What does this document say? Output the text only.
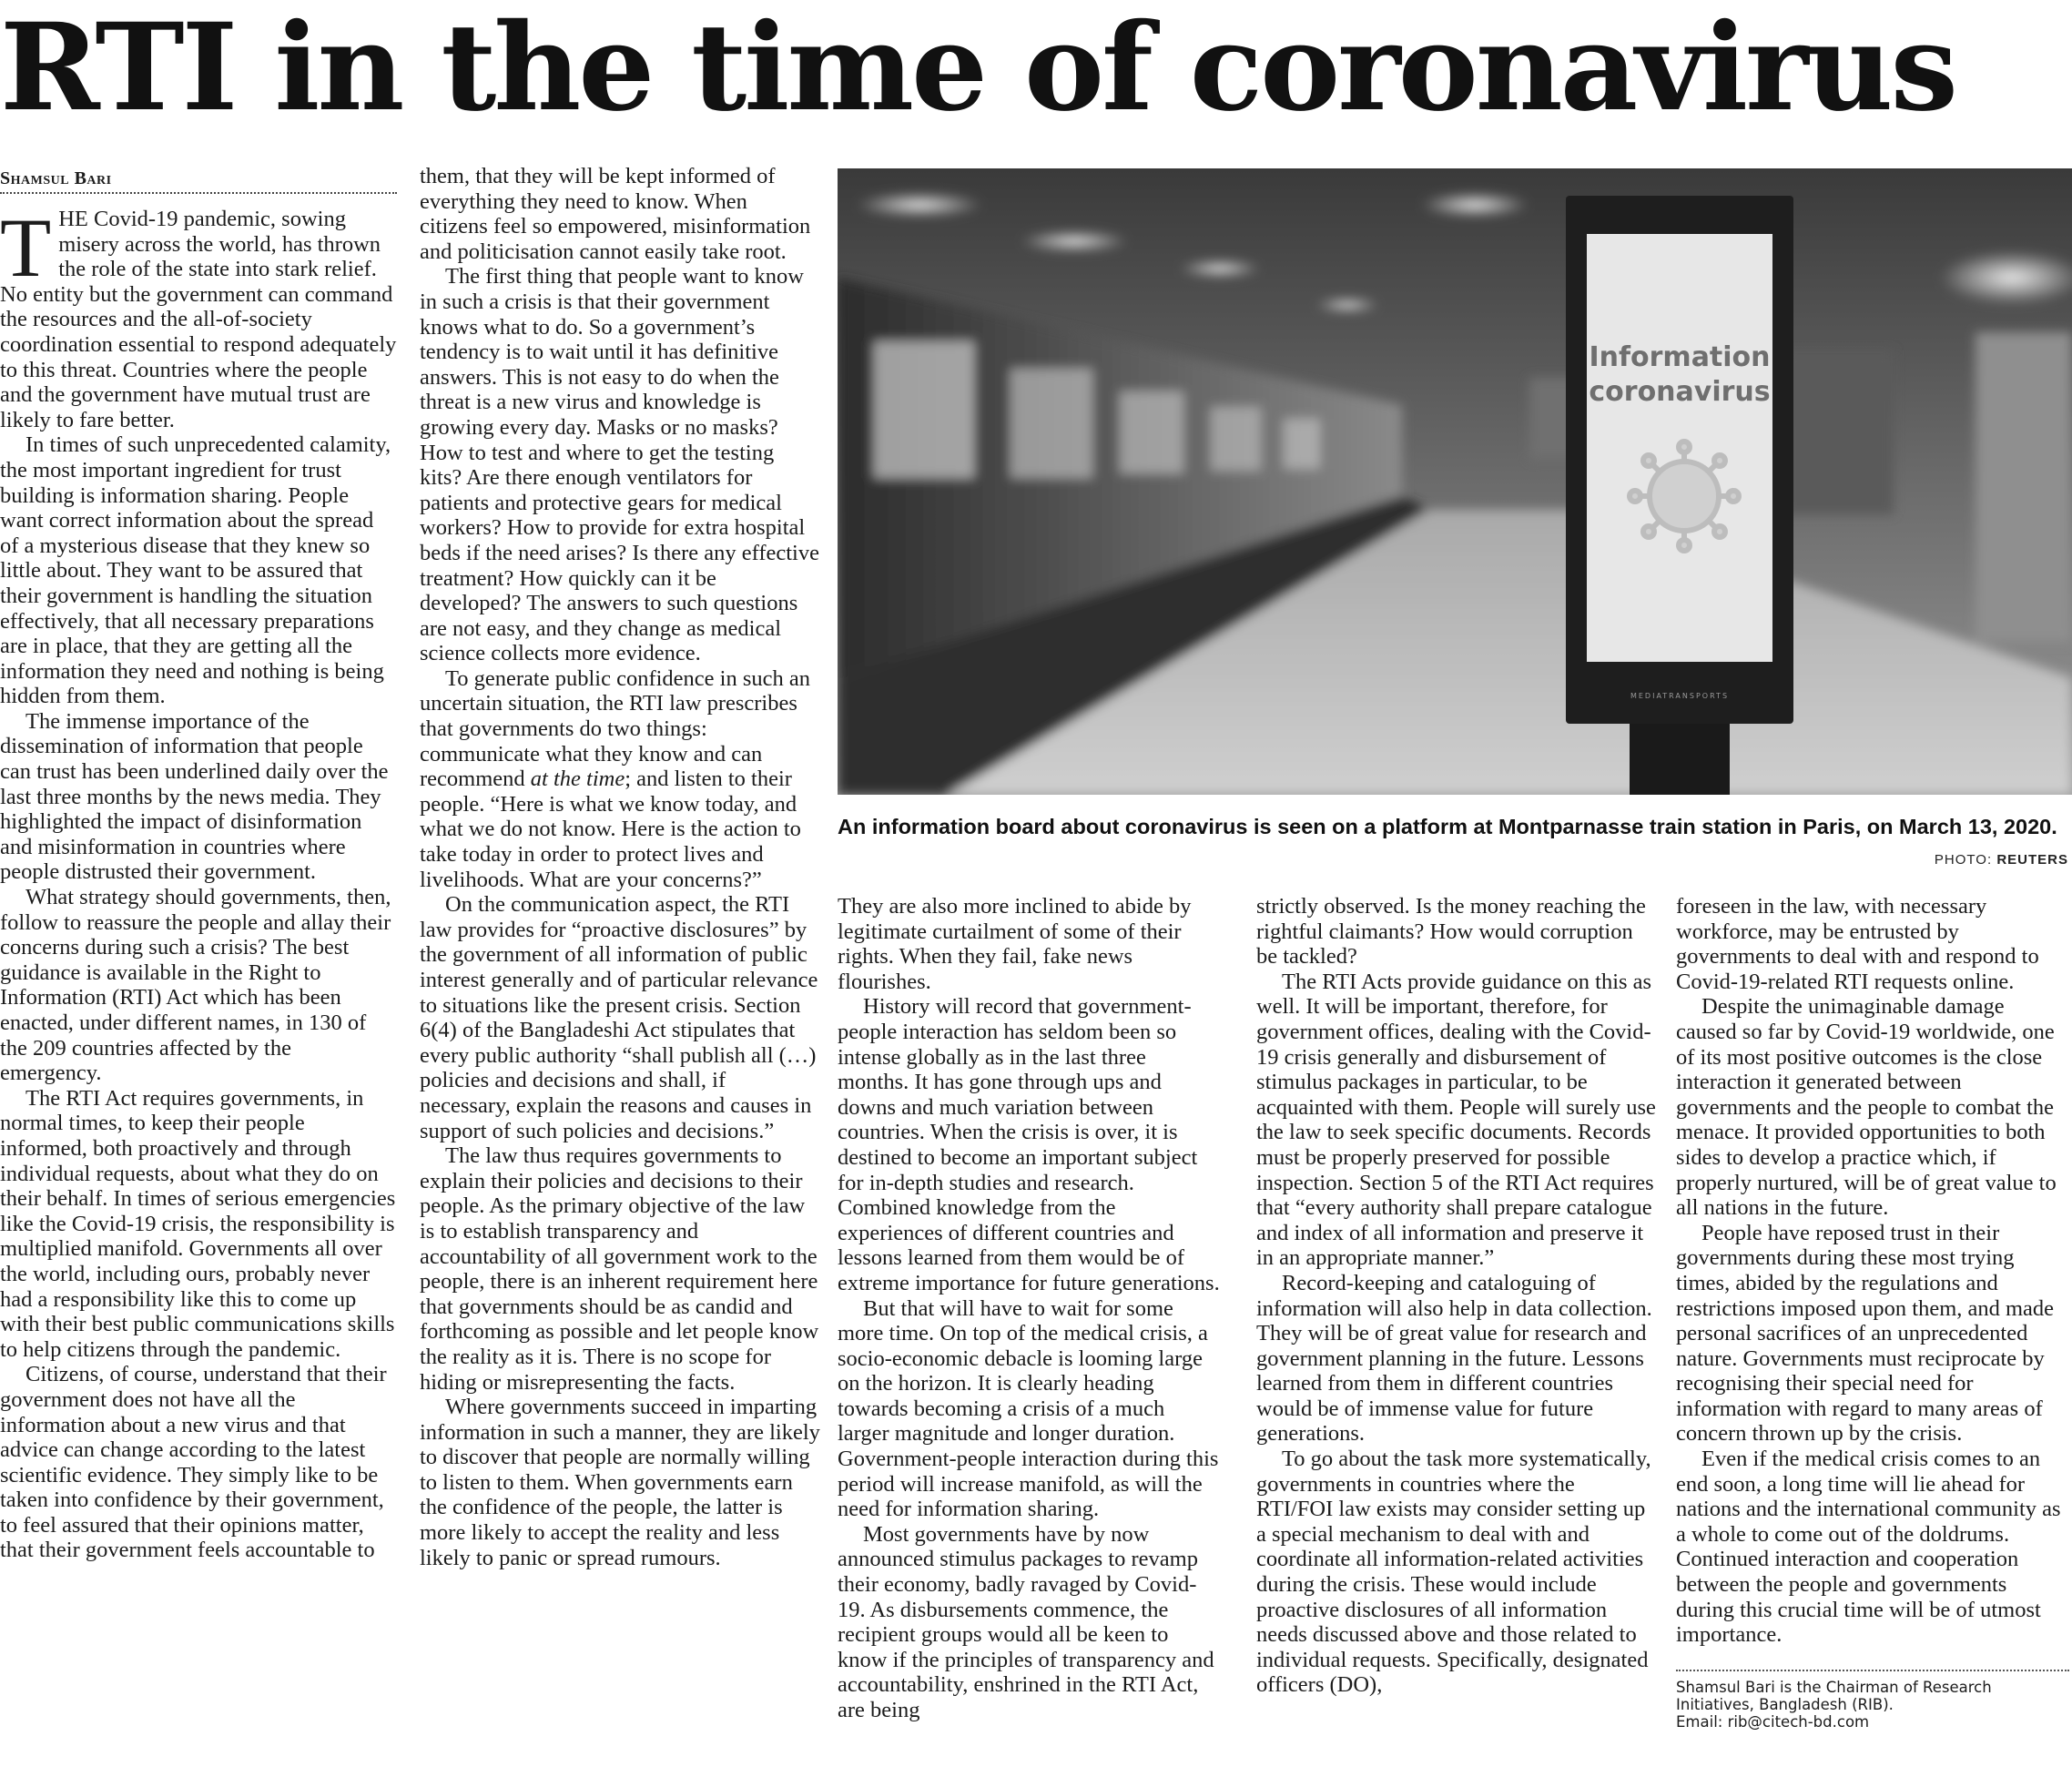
RTI in the time of coronavirus
Shamsul Bari

THE Covid-19 pandemic, sowing misery across the world, has thrown the role of the state into stark relief. No entity but the government can command the resources and the all-of-society coordination essential to respond adequately to this threat. Countries where the people and the government have mutual trust are likely to fare better.

In times of such unprecedented calamity, the most important ingredient for trust building is information sharing. People want correct information about the spread of a mysterious disease that they knew so little about. They want to be assured that their government is handling the situation effectively, that all necessary preparations are in place, that they are getting all the information they need and nothing is being hidden from them.

The immense importance of the dissemination of information that people can trust has been underlined daily over the last three months by the news media. They highlighted the impact of disinformation and misinformation in countries where people distrusted their government.

What strategy should governments, then, follow to reassure the people and allay their concerns during such a crisis? The best guidance is available in the Right to Information (RTI) Act which has been enacted, under different names, in 130 of the 209 countries affected by the emergency.

The RTI Act requires governments, in normal times, to keep their people informed, both proactively and through individual requests, about what they do on their behalf. In times of serious emergencies like the Covid-19 crisis, the responsibility is multiplied manifold. Governments all over the world, including ours, probably never had a responsibility like this to come up with their best public communications skills to help citizens through the pandemic.

Citizens, of course, understand that their government does not have all the information about a new virus and that advice can change according to the latest scientific evidence. They simply like to be taken into confidence by their government, to feel assured that their opinions matter, that their government feels accountable to

them, that they will be kept informed of everything they need to know. When citizens feel so empowered, misinformation and politicisation cannot easily take root.

The first thing that people want to know in such a crisis is that their government knows what to do. So a government’s tendency is to wait until it has definitive answers. This is not easy to do when the threat is a new virus and knowledge is growing every day. Masks or no masks? How to test and where to get the testing kits? Are there enough ventilators for patients and protective gears for medical workers? How to provide for extra hospital beds if the need arises? Is there any effective treatment? How quickly can it be developed? The answers to such questions are not easy, and they change as medical science collects more evidence.

To generate public confidence in such an uncertain situation, the RTI law prescribes that governments do two things: communicate what they know and can recommend at the time; and listen to their people. “Here is what we know today, and what we do not know. Here is the action to take today in order to protect lives and livelihoods. What are your concerns?”

On the communication aspect, the RTI law provides for “proactive disclosures” by the government of all information of public interest generally and of particular relevance to situations like the present crisis. Section 6(4) of the Bangladeshi Act stipulates that every public authority “shall publish all (…) policies and decisions and shall, if necessary, explain the reasons and causes in support of such policies and decisions.”

The law thus requires governments to explain their policies and decisions to their people. As the primary objective of the law is to establish transparency and accountability of all government work to the people, there is an inherent requirement here that governments should be as candid and forthcoming as possible and let people know the reality as it is. There is no scope for hiding or misrepresenting the facts.

Where governments succeed in imparting information in such a manner, they are likely to discover that people are normally willing to listen to them. When governments earn the confidence of the people, the latter is more likely to accept the reality and less likely to panic or spread rumours.

Information
coronavirus
MEDIATRANSPORTS
An information board about coronavirus is seen on a platform at Montparnasse train station in Paris, on March 13, 2020.
PHOTO: REUTERS

They are also more inclined to abide by legitimate curtailment of some of their rights. When they fail, fake news flourishes.

History will record that government-people interaction has seldom been so intense globally as in the last three months. It has gone through ups and downs and much variation between countries. When the crisis is over, it is destined to become an important subject for in-depth studies and research. Combined knowledge from the experiences of different countries and lessons learned from them would be of extreme importance for future generations.

But that will have to wait for some more time. On top of the medical crisis, a socio-economic debacle is looming large on the horizon. It is clearly heading towards becoming a crisis of a much larger magnitude and longer duration. Government-people interaction during this period will increase manifold, as will the need for information sharing.

Most governments have by now announced stimulus packages to revamp their economy, badly ravaged by Covid-19. As disbursements commence, the recipient groups would all be keen to know if the principles of transparency and accountability, enshrined in the RTI Act, are being

strictly observed. Is the money reaching the rightful claimants? How would corruption be tackled?

The RTI Acts provide guidance on this as well. It will be important, therefore, for government offices, dealing with the Covid-19 crisis generally and disbursement of stimulus packages in particular, to be acquainted with them. People will surely use the law to seek specific documents. Records must be properly preserved for possible inspection. Section 5 of the RTI Act requires that “every authority shall prepare catalogue and index of all information and preserve it in an appropriate manner.”

Record-keeping and cataloguing of information will also help in data collection. They will be of great value for research and government planning in the future. Lessons learned from them in different countries would be of immense value for future generations.

To go about the task more systematically, governments in countries where the RTI/FOI law exists may consider setting up a special mechanism to deal with and coordinate all information-related activities during the crisis. These would include proactive disclosures of all information needs discussed above and those related to individual requests. Specifically, designated officers (DO),

foreseen in the law, with necessary workforce, may be entrusted by governments to deal with and respond to Covid-19-related RTI requests online.

Despite the unimaginable damage caused so far by Covid-19 worldwide, one of its most positive outcomes is the close interaction it generated between governments and the people to combat the menace. It provided opportunities to both sides to develop a practice which, if properly nurtured, will be of great value to all nations in the future.

People have reposed trust in their governments during these most trying times, abided by the regulations and restrictions imposed upon them, and made personal sacrifices of an unprecedented nature. Governments must reciprocate by recognising their special need for information with regard to many areas of concern thrown up by the crisis.

Even if the medical crisis comes to an end soon, a long time will lie ahead for nations and the international community as a whole to come out of the doldrums. Continued interaction and cooperation between the people and governments during this crucial time will be of utmost importance.

Shamsul Bari is the Chairman of Research
Initiatives, Bangladesh (RIB).
Email: rib@citech-bd.com
